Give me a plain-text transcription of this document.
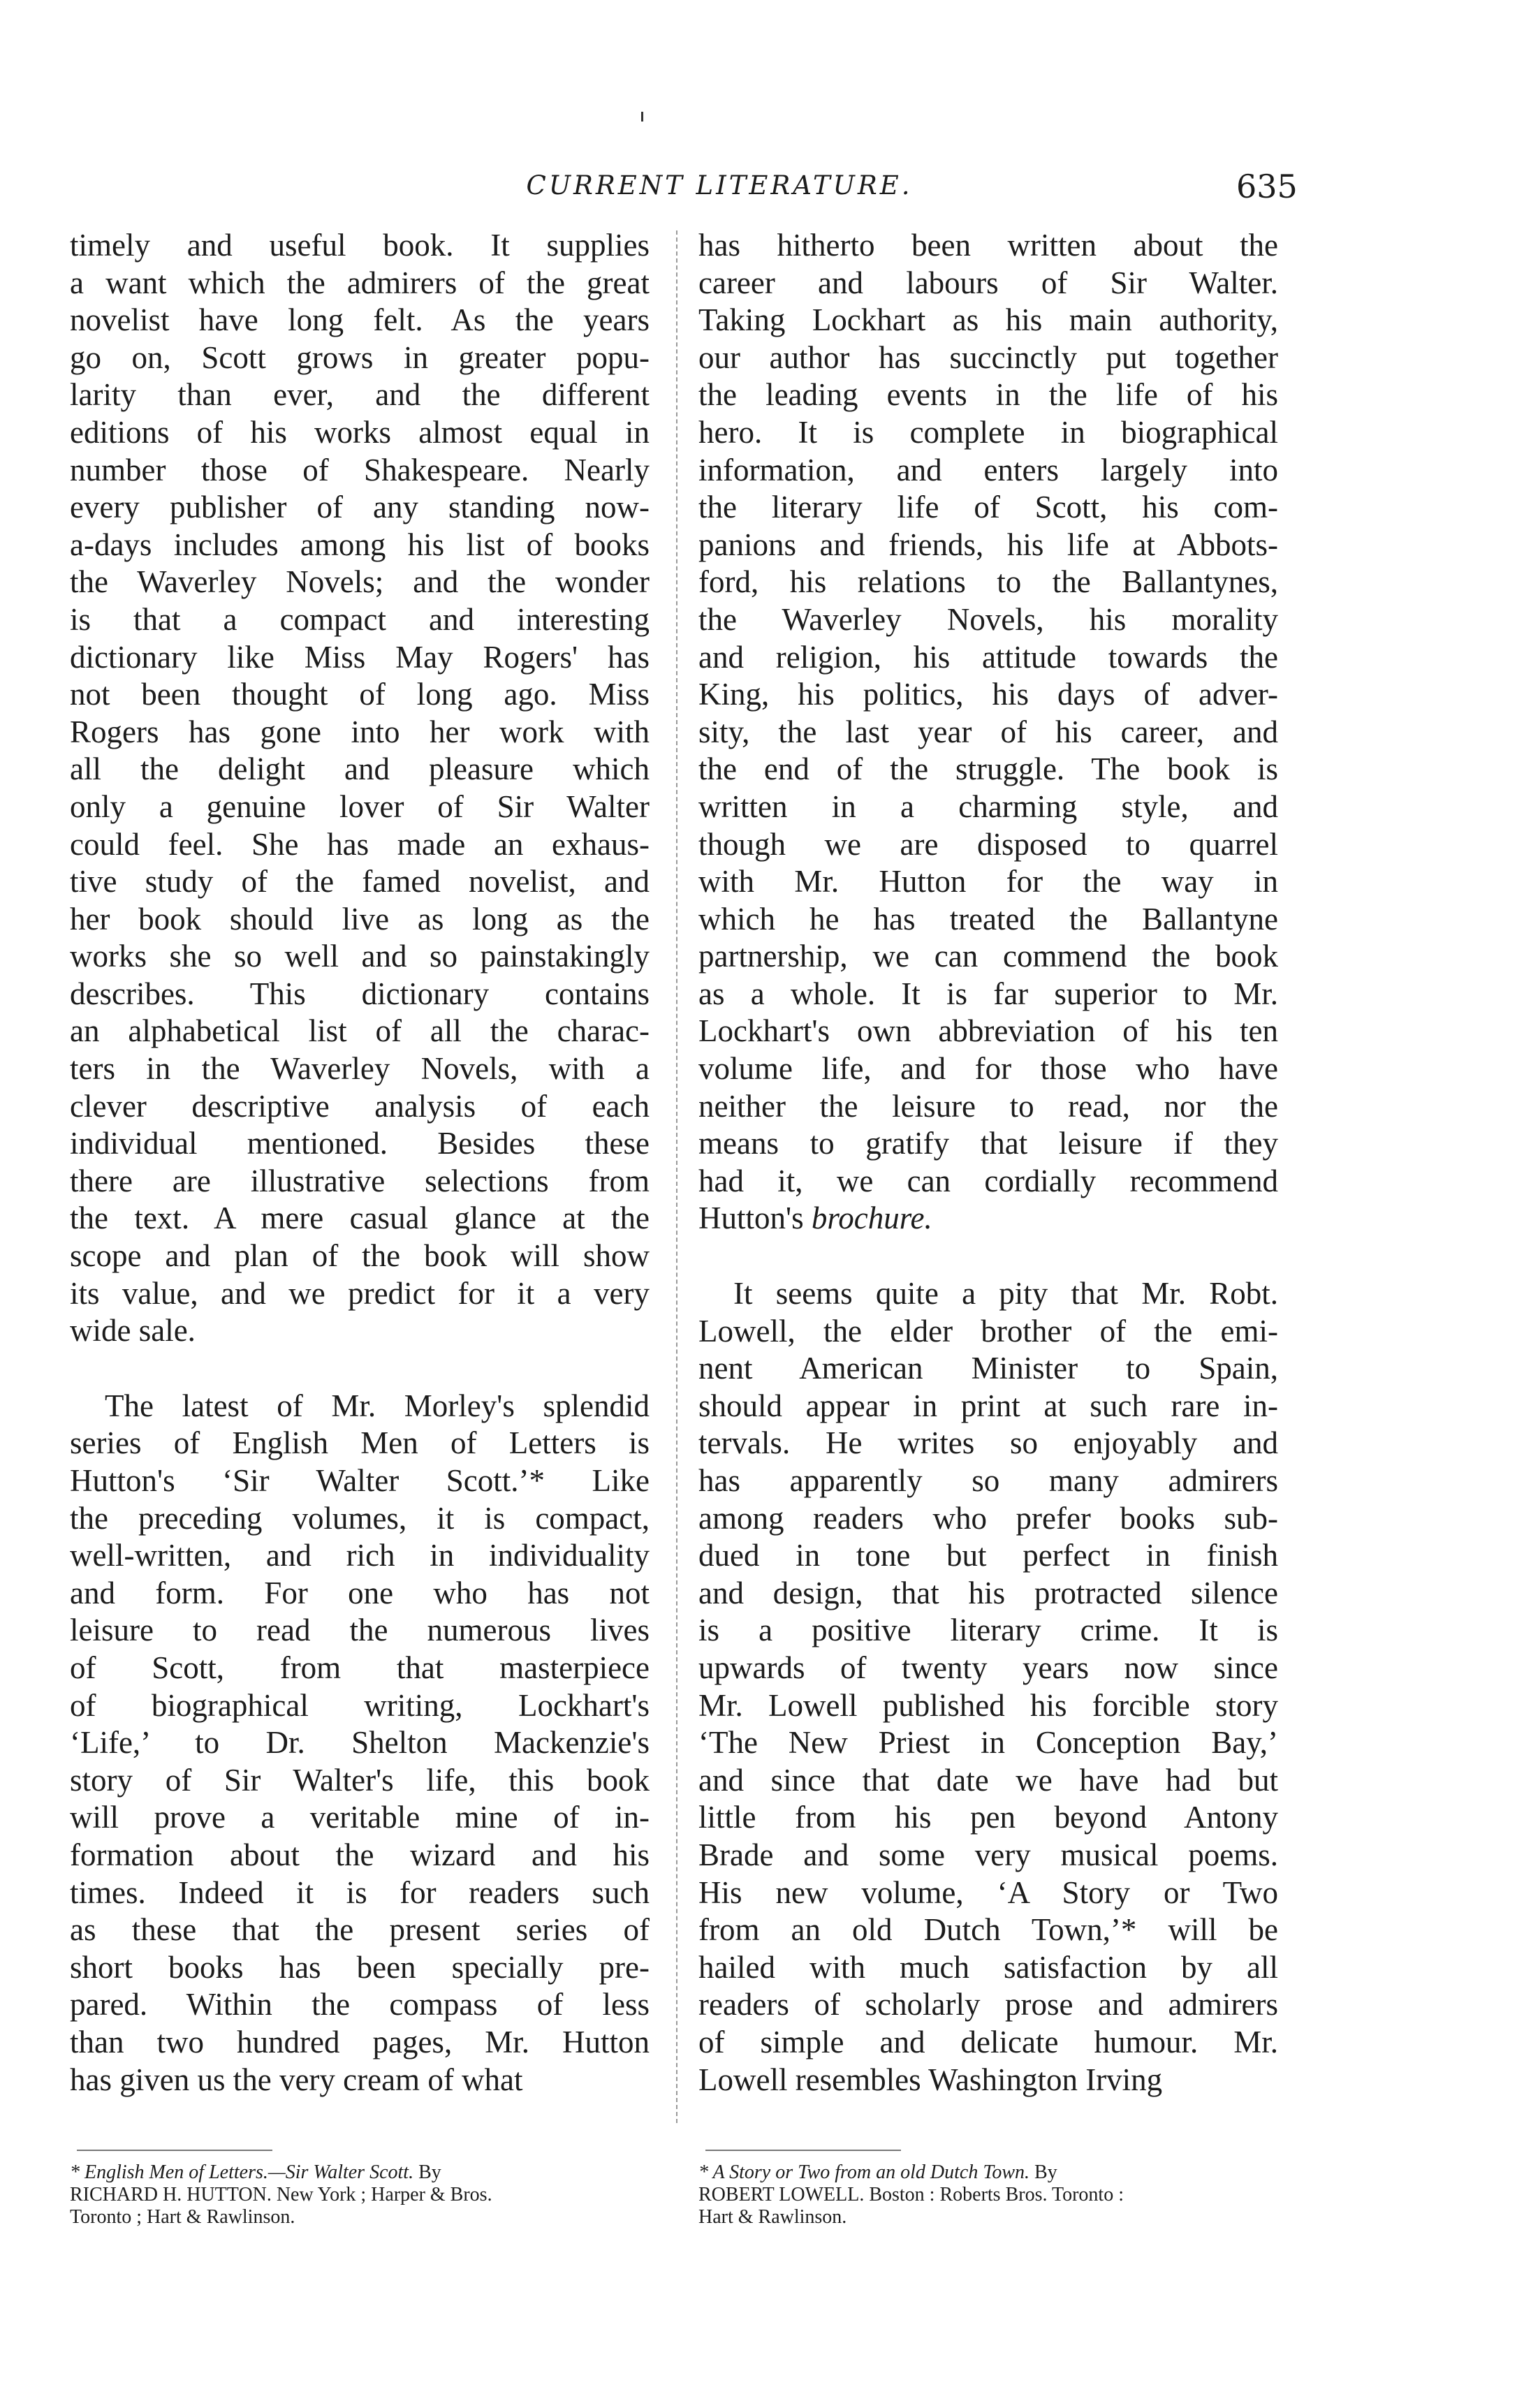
CURRENT LITERATURE.	635
timely and useful book. It supplies
a want which the admirers of the great
novelist have long felt. As the years
go on, Scott grows in greater popu-
larity than ever, and the different
editions of his works almost equal in
number those of Shakespeare. Nearly
every publisher of any standing now-
a-days includes among his list of books
the Waverley Novels; and the wonder
is that a compact and interesting
dictionary like Miss May Rogers' has
not been thought of long ago. Miss
Rogers has gone into her work with
all the delight and pleasure which
only a genuine lover of Sir Walter
could feel. She has made an exhaus-
tive study of the famed novelist, and
her book should live as long as the
works she so well and so painstakingly
describes. This dictionary contains
an alphabetical list of all the charac-
ters in the Waverley Novels, with a
clever descriptive analysis of each
individual mentioned. Besides these
there are illustrative selections from
the text. A mere casual glance at the
scope and plan of the book will show
its value, and we predict for it a very
wide sale.
The latest of Mr. Morley's splendid
series of English Men of Letters is
Hutton's ‘Sir Walter Scott.’* Like
the preceding volumes, it is compact,
well-written, and rich in individuality
and form. For one who has not
leisure to read the numerous lives
of Scott, from that masterpiece
of biographical writing, Lockhart's
‘Life,’ to Dr. Shelton Mackenzie's
story of Sir Walter's life, this book
will prove a veritable mine of in-
formation about the wizard and his
times. Indeed it is for readers such
as these that the present series of
short books has been specially pre-
pared. Within the compass of less
than two hundred pages, Mr. Hutton
has given us the very cream of what
has hitherto been written about the
career and labours of Sir Walter.
Taking Lockhart as his main authority,
our author has succinctly put together
the leading events in the life of his
hero. It is complete in biographical
information, and enters largely into
the literary life of Scott, his com-
panions and friends, his life at Abbots-
ford, his relations to the Ballantynes,
the Waverley Novels, his morality
and religion, his attitude towards the
King, his politics, his days of adver-
sity, the last year of his career, and
the end of the struggle. The book is
written in a charming style, and
though we are disposed to quarrel
with Mr. Hutton for the way in
which he has treated the Ballantyne
partnership, we can commend the book
as a whole. It is far superior to Mr.
Lockhart's own abbreviation of his ten
volume life, and for those who have
neither the leisure to read, nor the
means to gratify that leisure if they
had it, we can cordially recommend
Hutton's brochure.
It seems quite a pity that Mr. Robt.
Lowell, the elder brother of the emi-
nent American Minister to Spain,
should appear in print at such rare in-
tervals. He writes so enjoyably and
has apparently so many admirers
among readers who prefer books sub-
dued in tone but perfect in finish
and design, that his protracted silence
is a positive literary crime. It is
upwards of twenty years now since
Mr. Lowell published his forcible story
‘The New Priest in Conception Bay,’
and since that date we have had but
little from his pen beyond Antony
Brade and some very musical poems.
His new volume, ‘A Story or Two
from an old Dutch Town,’* will be
hailed with much satisfaction by all
readers of scholarly prose and admirers
of simple and delicate humour. Mr.
Lowell resembles Washington Irving
* English Men of Letters.—Sir Walter Scott. By
RICHARD H. HUTTON. New York ; Harper & Bros.
Toronto ; Hart & Rawlinson.
* A Story or Two from an old Dutch Town. By
ROBERT LOWELL. Boston : Roberts Bros. Toronto :
Hart & Rawlinson.
